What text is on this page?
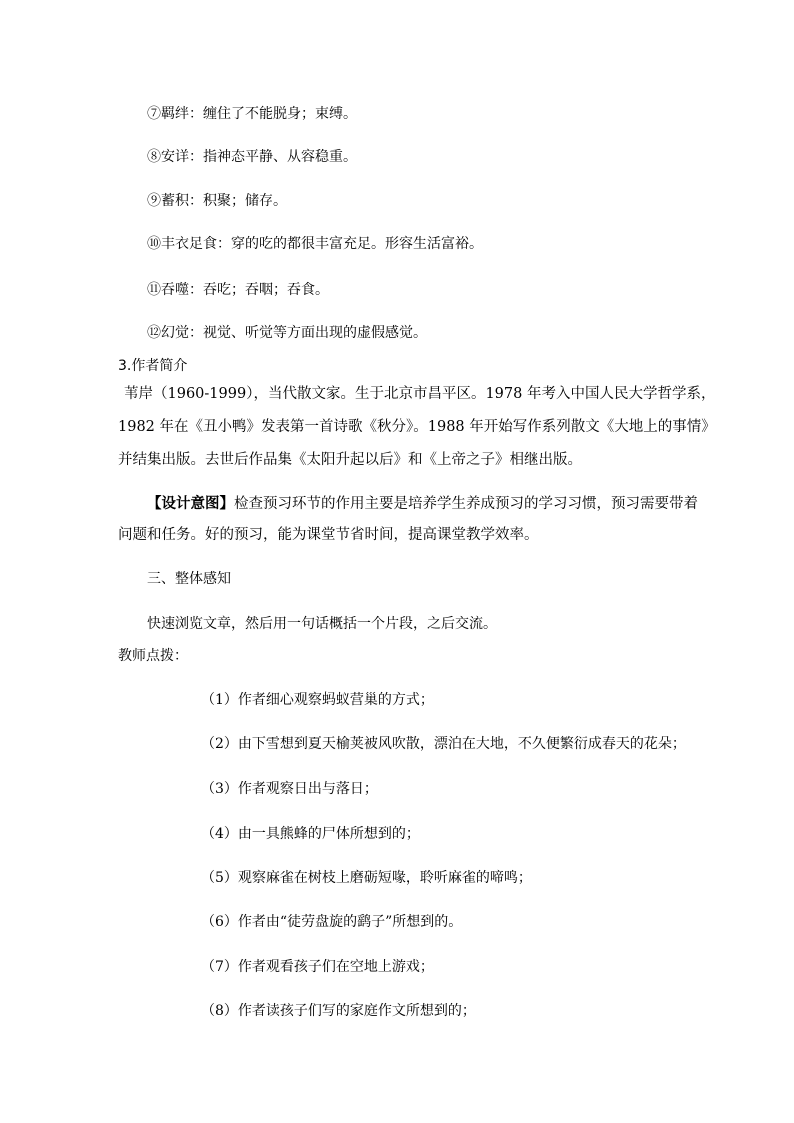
⑦羁绊：缠住了不能脱身；束缚。
⑧安详：指神态平静、从容稳重。
⑨蓄积：积聚；储存。
⑩丰衣足食：穿的吃的都很丰富充足。形容生活富裕。
⑪吞噬：吞吃；吞咽；吞食。
⑫幻觉：视觉、听觉等方面出现的虚假感觉。
3.作者简介
苇岸（1960-1999），当代散文家。生于北京市昌平区。1978 年考入中国人民大学哲学系，
1982 年在《丑小鸭》发表第一首诗歌《秋分》。1988 年开始写作系列散文《大地上的事情》
并结集出版。去世后作品集《太阳升起以后》和《上帝之子》相继出版。
【设计意图】检查预习环节的作用主要是培养学生养成预习的学习习惯，预习需要带着
问题和任务。好的预习，能为课堂节省时间，提高课堂教学效率。
三、整体感知
快速浏览文章，然后用一句话概括一个片段，之后交流。
教师点拨：
（1）作者细心观察蚂蚁营巢的方式；
（2）由下雪想到夏天榆荚被风吹散，漂泊在大地，不久便繁衍成春天的花朵；
（3）作者观察日出与落日；
（4）由一具熊蜂的尸体所想到的；
（5）观察麻雀在树枝上磨砺短喙，聆听麻雀的啼鸣；
（6）作者由“徒劳盘旋的鹞子”所想到的。
（7）作者观看孩子们在空地上游戏；
（8）作者读孩子们写的家庭作文所想到的；
